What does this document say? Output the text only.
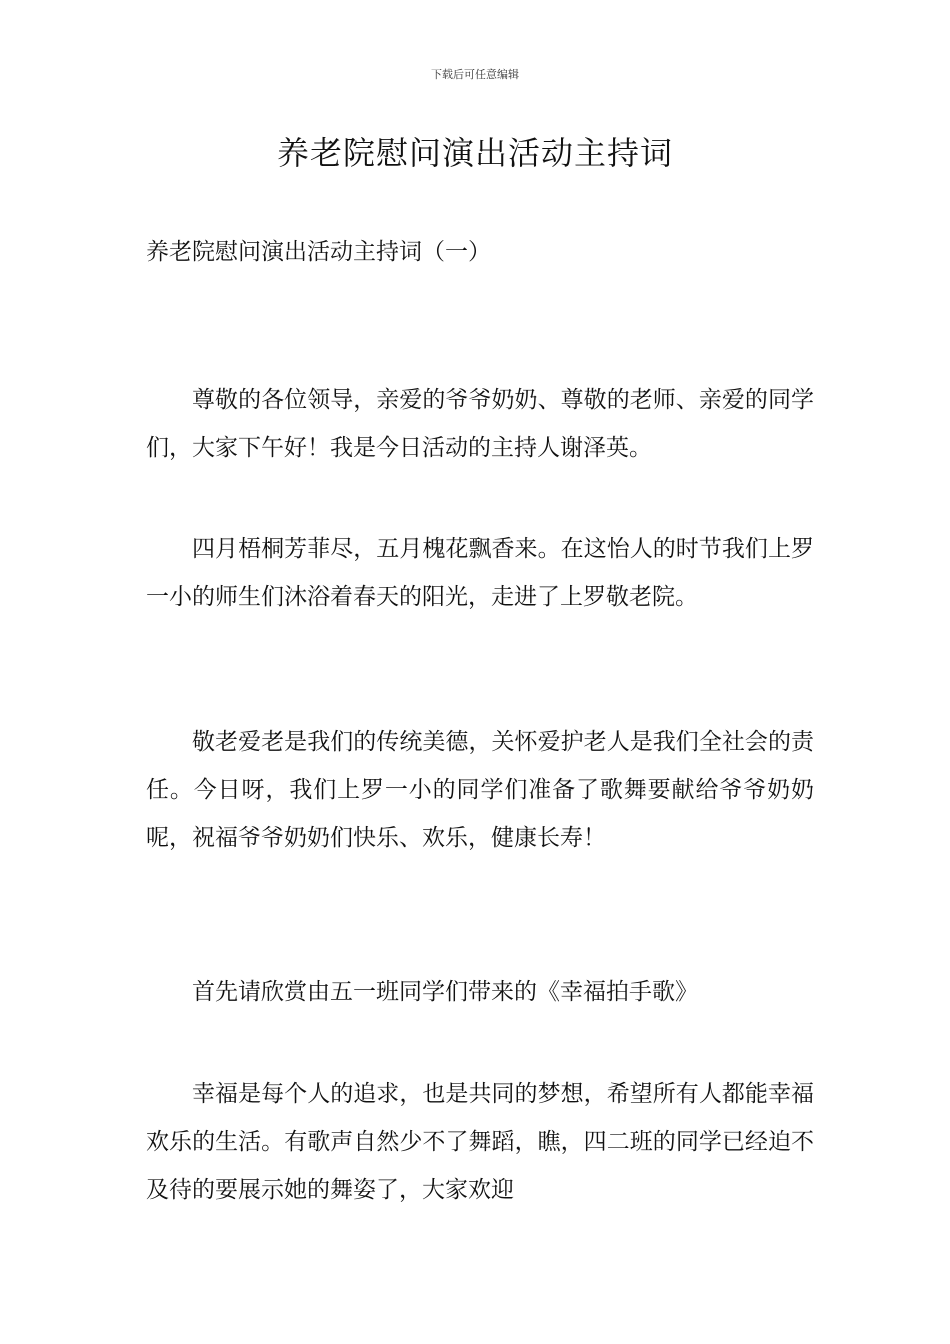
下载后可任意编辑
养老院慰问演出活动主持词
养老院慰问演出活动主持词（一）

尊敬的各位领导，亲爱的爷爷奶奶、尊敬的老师、亲爱的同学们，大家下午好！我是今日活动的主持人谢泽英。

四月梧桐芳菲尽，五月槐花飘香来。在这怡人的时节我们上罗一小的师生们沐浴着春天的阳光，走进了上罗敬老院。

敬老爱老是我们的传统美德，关怀爱护老人是我们全社会的责任。今日呀，我们上罗一小的同学们准备了歌舞要献给爷爷奶奶呢，祝福爷爷奶奶们快乐、欢乐，健康长寿！

首先请欣赏由五一班同学们带来的《幸福拍手歌》

幸福是每个人的追求，也是共同的梦想，希望所有人都能幸福欢乐的生活。有歌声自然少不了舞蹈，瞧，四二班的同学已经迫不及待的要展示她的舞姿了，大家欢迎
